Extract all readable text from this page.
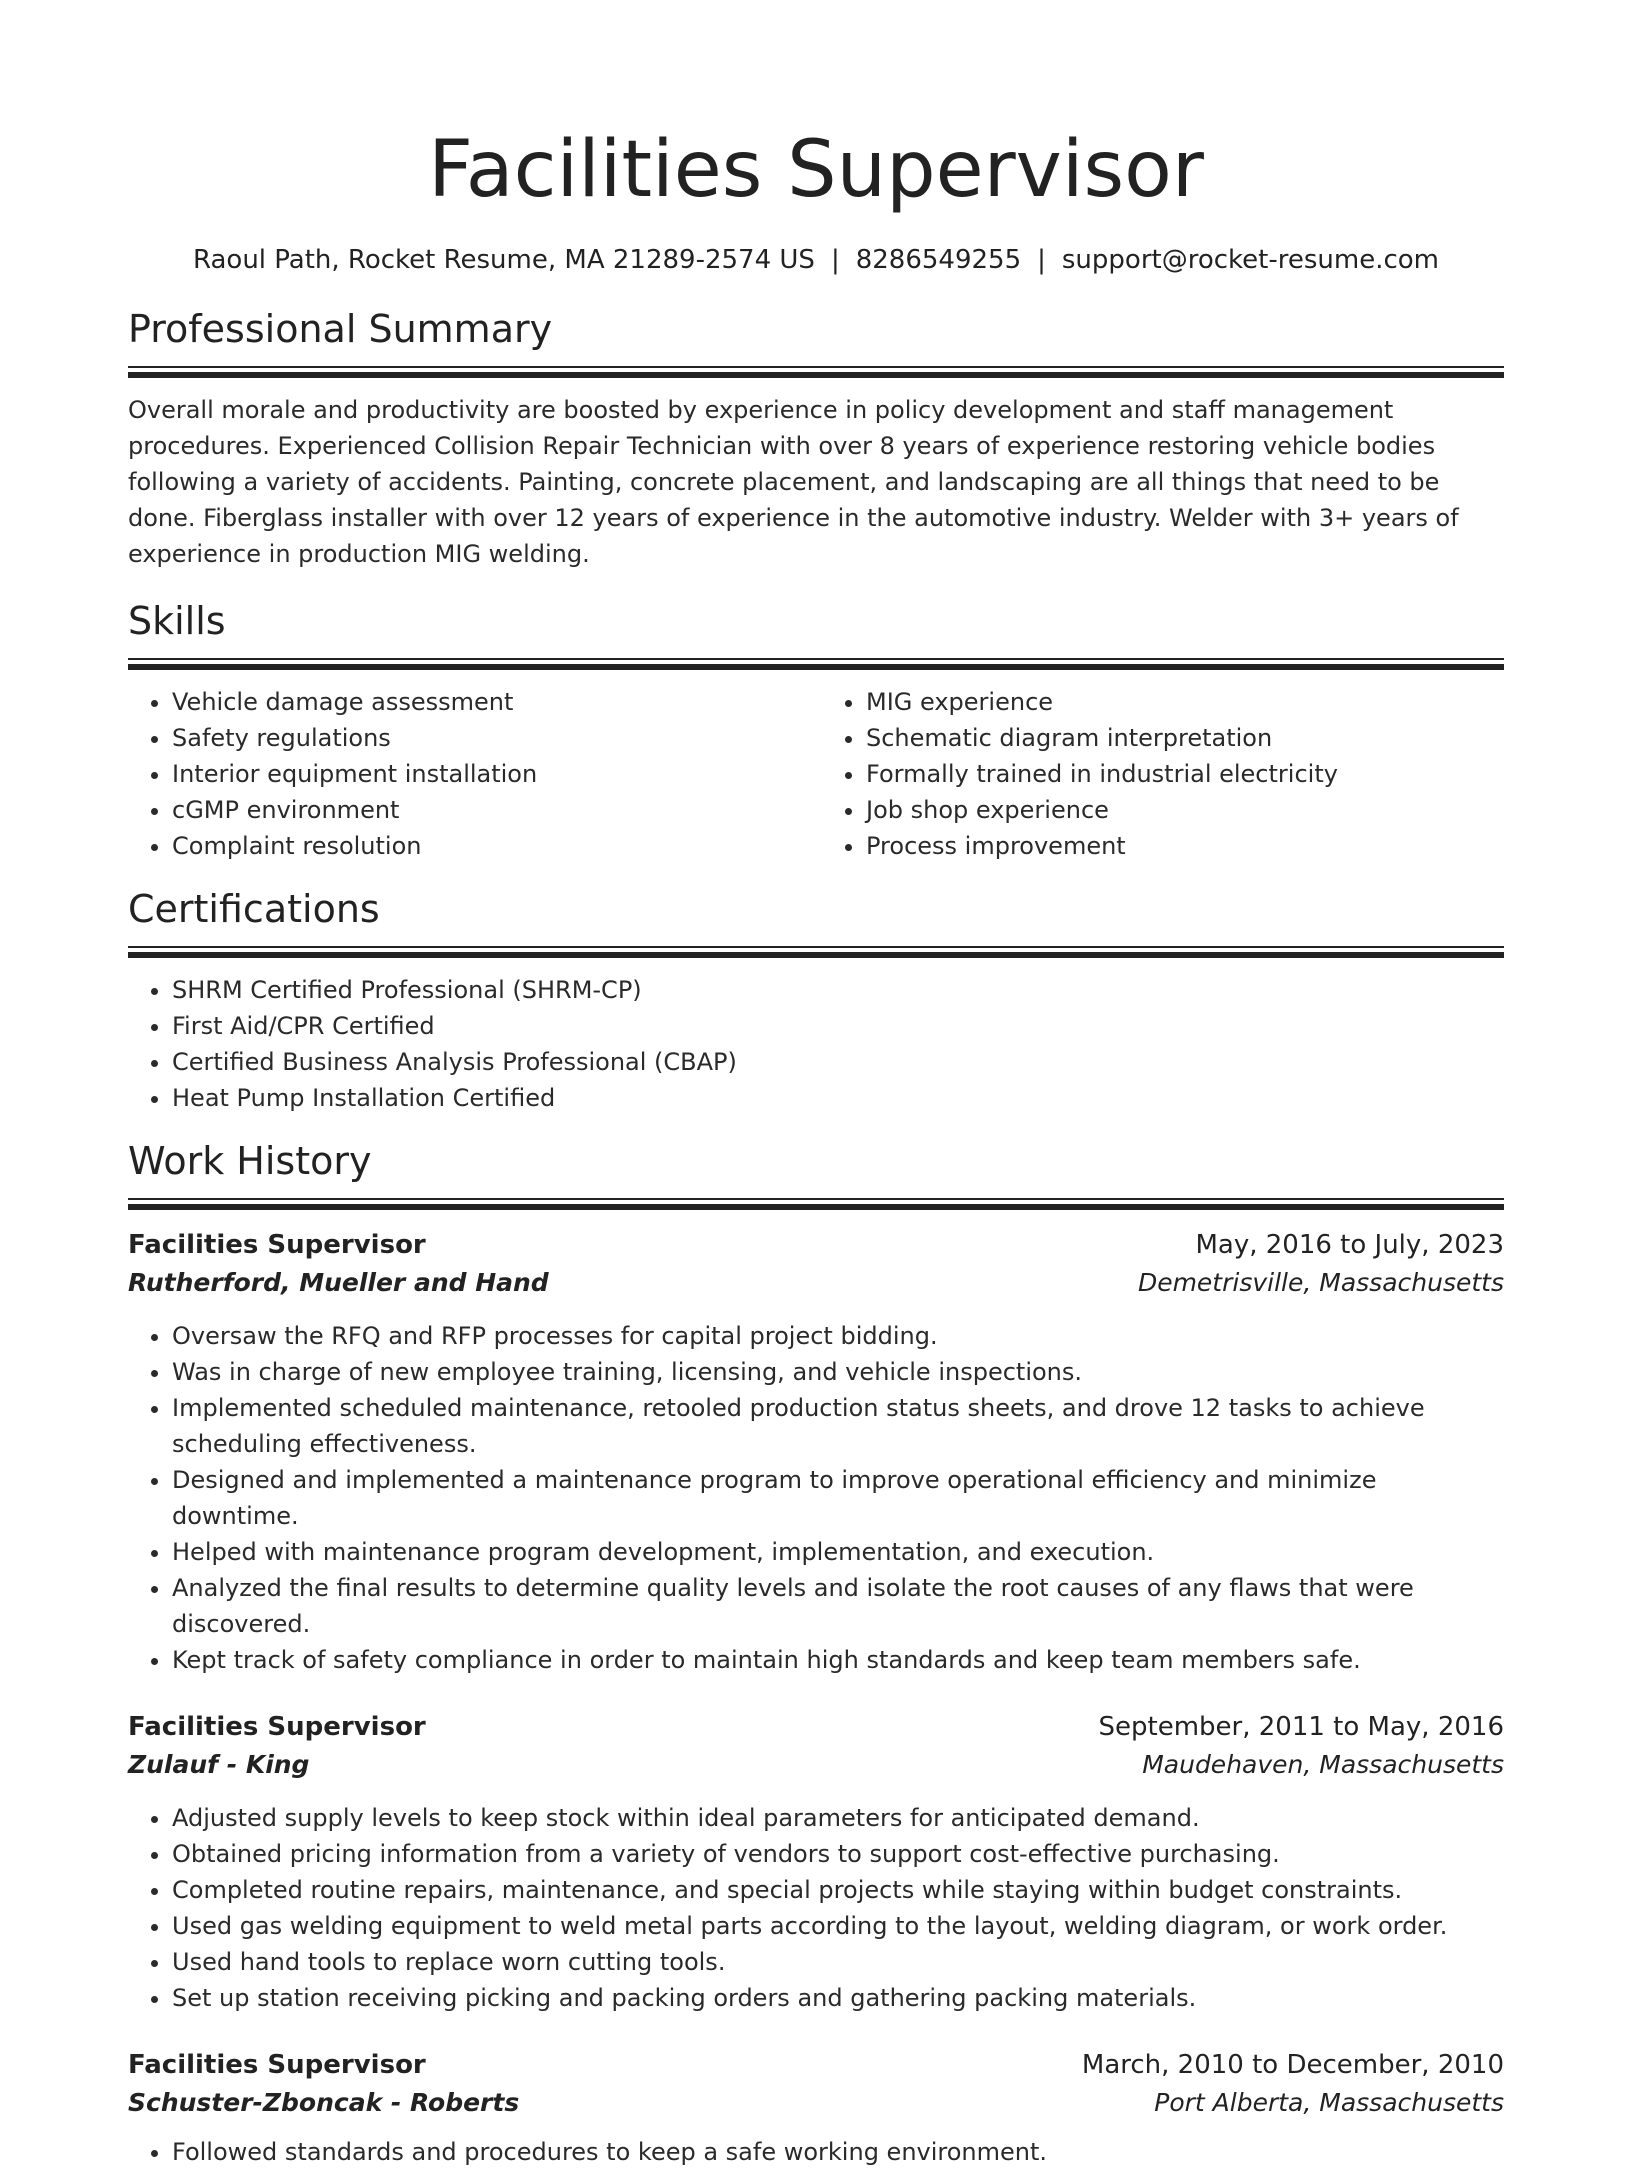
Facilities Supervisor
Raoul Path, Rocket Resume, MA 21289-2574 US | 8286549255 | support@rocket-resume.com
Professional Summary
Overall morale and productivity are boosted by experience in policy development and staff management procedures. Experienced Collision Repair Technician with over 8 years of experience restoring vehicle bodies following a variety of accidents. Painting, concrete placement, and landscaping are all things that need to be done. Fiberglass installer with over 12 years of experience in the automotive industry. Welder with 3+ years of experience in production MIG welding.
Skills
• Vehicle damage assessment
• Safety regulations
• Interior equipment installation
• cGMP environment
• Complaint resolution
• MIG experience
• Schematic diagram interpretation
• Formally trained in industrial electricity
• Job shop experience
• Process improvement
Certifications
• SHRM Certified Professional (SHRM-CP)
• First Aid/CPR Certified
• Certified Business Analysis Professional (CBAP)
• Heat Pump Installation Certified
Work History
Facilities Supervisor	May, 2016 to July, 2023
Rutherford, Mueller and Hand	Demetrisville, Massachusetts
• Oversaw the RFQ and RFP processes for capital project bidding.
• Was in charge of new employee training, licensing, and vehicle inspections.
• Implemented scheduled maintenance, retooled production status sheets, and drove 12 tasks to achieve scheduling effectiveness.
• Designed and implemented a maintenance program to improve operational efficiency and minimize downtime.
• Helped with maintenance program development, implementation, and execution.
• Analyzed the final results to determine quality levels and isolate the root causes of any flaws that were discovered.
• Kept track of safety compliance in order to maintain high standards and keep team members safe.
Facilities Supervisor	September, 2011 to May, 2016
Zulauf - King	Maudehaven, Massachusetts
• Adjusted supply levels to keep stock within ideal parameters for anticipated demand.
• Obtained pricing information from a variety of vendors to support cost-effective purchasing.
• Completed routine repairs, maintenance, and special projects while staying within budget constraints.
• Used gas welding equipment to weld metal parts according to the layout, welding diagram, or work order.
• Used hand tools to replace worn cutting tools.
• Set up station receiving picking and packing orders and gathering packing materials.
Facilities Supervisor	March, 2010 to December, 2010
Schuster-Zboncak - Roberts	Port Alberta, Massachusetts
• Followed standards and procedures to keep a safe working environment.
